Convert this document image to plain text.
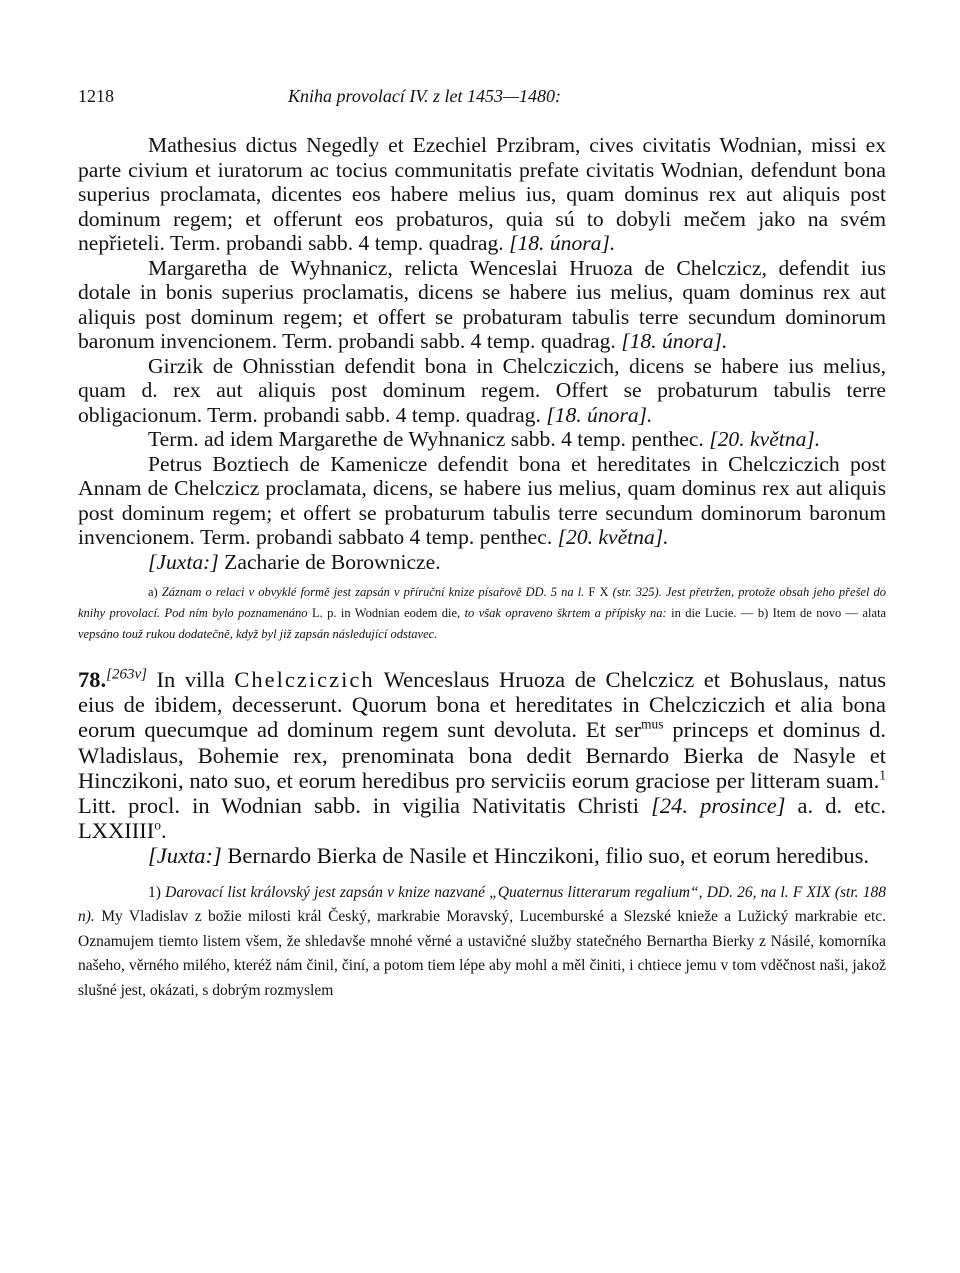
1218	Kniha provolací IV. z let 1453—1480:

Mathesius dictus Negedly et Ezechiel Przibram, cives civitatis Wodnian, missi ex parte civium et iuratorum ac tocius communitatis prefate civitatis Wodnian, defendunt bona superius proclamata, dicentes eos habere melius ius, quam dominus rex aut aliquis post dominum regem; et offerunt eos probaturos, quia sú to dobyli mečem jako na svém nepřieteli. Term. probandi sabb. 4 temp. quadrag. [18. února].

Margaretha de Wyhnanicz, relicta Wenceslai Hruoza de Chelczicz, defendit ius dotale in bonis superius proclamatis, dicens se habere ius melius, quam dominus rex aut aliquis post dominum regem; et offert se probaturam tabulis terre secundum dominorum baronum invencionem. Term. probandi sabb. 4 temp. quadrag. [18. února].

Girzik de Ohnisstian defendit bona in Chelcziczich, dicens se habere ius melius, quam d. rex aut aliquis post dominum regem. Offert se probaturum tabulis terre obligacionum. Term. probandi sabb. 4 temp. quadrag. [18. února].

Term. ad idem Margarethe de Wyhnanicz sabb. 4 temp. penthec. [20. května].

Petrus Boztiech de Kamenicze defendit bona et hereditates in Chelcziczich post Annam de Chelczicz proclamata, dicens, se habere ius melius, quam dominus rex aut aliquis post dominum regem; et offert se probaturum tabulis terre secundum dominorum baronum invencionem. Term. probandi sabbato 4 temp. penthec. [20. května].

[Juxta:] Zacharie de Borownicze.

a) Záznam o relaci v obvyklé formě jest zapsán v příruční knize písařově DD. 5 na l. F X (str. 325). Jest přetržen, protože obsah jeho přešel do knihy provolací. Pod ním bylo poznamenáno L. p. in Wodnian eodem die, to však opraveno škrtem a přípisky na: in die Lucie. — b) Item de novo — alata vepsáno touž rukou dodatečně, když byl již zapsán následující odstavec.

78.[263v] In villa Chelcziczich Wenceslaus Hruoza de Chelczicz et Bohuslaus, natus eius de ibidem, decesserunt. Quorum bona et hereditates in Chelcziczich et alia bona eorum quecumque ad dominum regem sunt devoluta. Et ser$^{mus}$ princeps et dominus d. Wladislaus, Bohemie rex, prenominata bona dedit Bernardo Bierka de Nasyle et Hinczikoni, nato suo, et eorum heredibus pro serviciis eorum graciose per litteram suam.$^1$ Litt. procl. in Wodnian sabb. in vigilia Nativitatis Christi [24. prosince] a. d. etc. LXXIIII$^o$.

[Juxta:] Bernardo Bierka de Nasile et Hinczikoni, filio suo, et eorum heredibus.

1) Darovací list královský jest zapsán v knize nazvané „Quaternus litterarum regalium“, DD. 26, na l. F XIX (str. 188 n). My Vladislav z božie milosti král Český, markrabie Moravský, Lucemburské a Slezské knieže a Lužický markrabie etc. Oznamujem tiemto listem všem, že shledavše mnohé věrné a ustavičné služby statečného Bernartha Bierky z Násilé, komorníka našeho, věrného milého, kteréž nám činil, činí, a potom tiem lépe aby mohl a měl činiti, i chtiece jemu v tom vděčnost naši, jakož slušné jest, okázati, s dobrým rozmyslem
